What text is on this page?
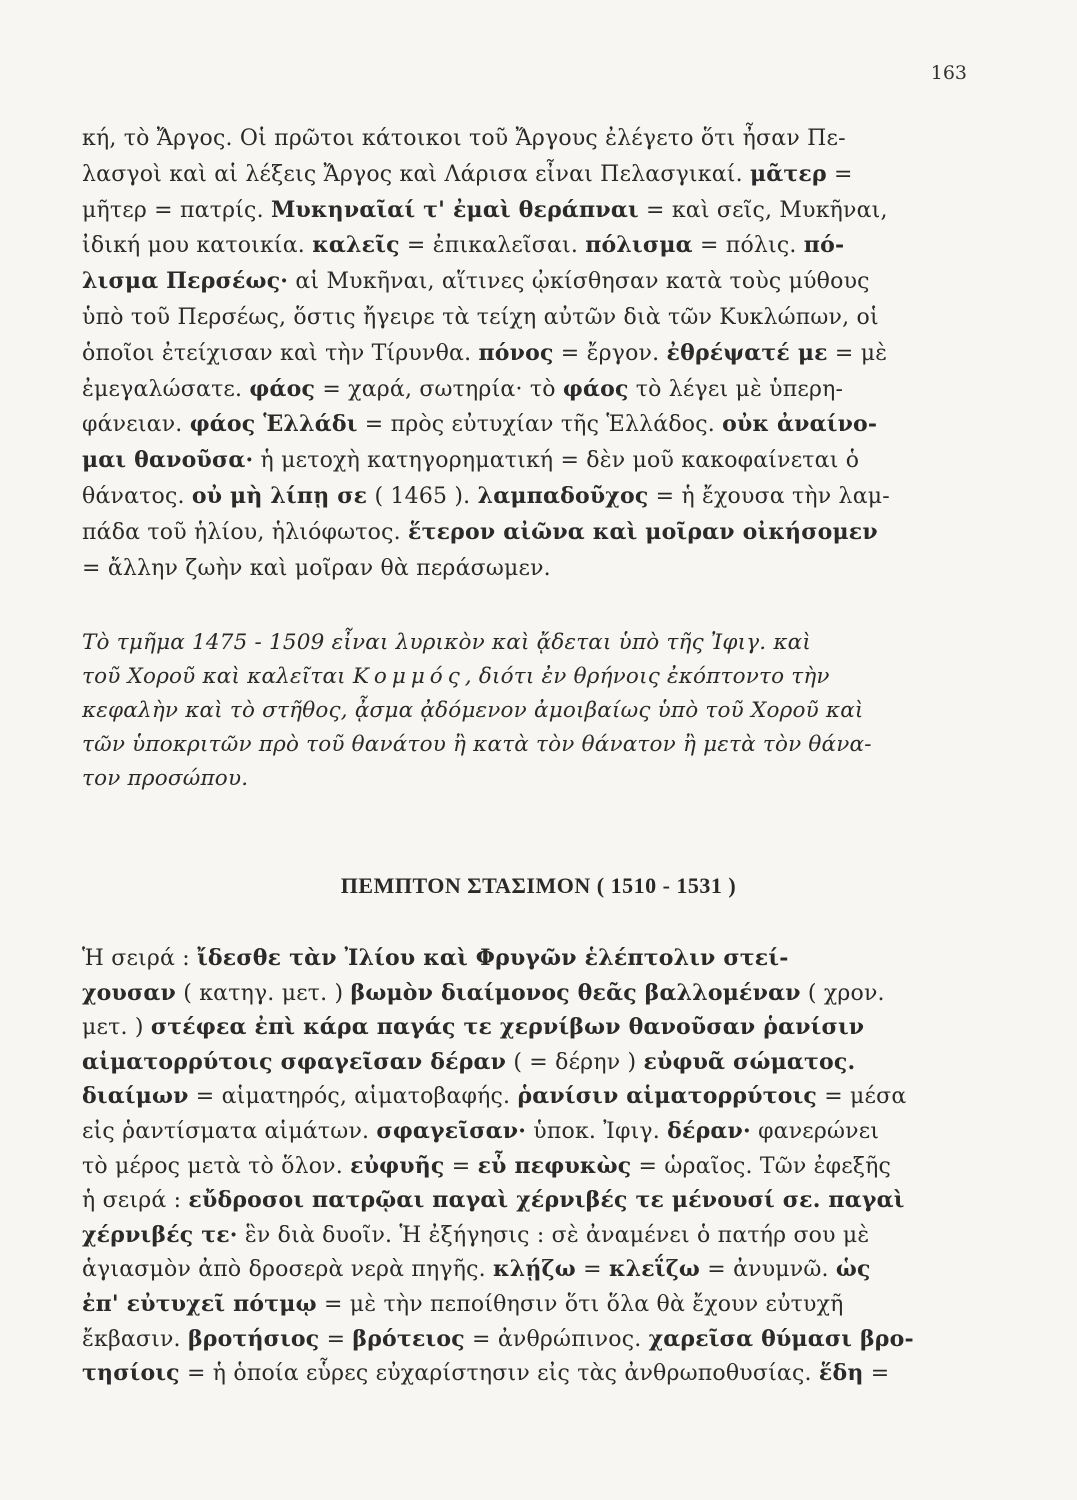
163
κή, τὸ Ἄργος. Οἱ πρῶτοι κάτοικοι τοῦ Ἄργους ἐλέγετο ὅτι ἦσαν Πε-
λασγοὶ καὶ αἱ λέξεις Ἄργος καὶ Λάρισα εἶναι Πελασγικαί. μᾶτερ =
μῆτερ = πατρίς. Μυκηναῖαί τ' ἐμαὶ θεράπναι = καὶ σεῖς, Μυκῆναι,
ἰδική μου κατοικία. καλεῖς = ἐπικαλεῖσαι. πόλισμα = πόλις. πό-
λισμα Περσέως· αἱ Μυκῆναι, αἵτινες ᾠκίσθησαν κατὰ τοὺς μύθους
ὑπὸ τοῦ Περσέως, ὅστις ἤγειρε τὰ τείχη αὐτῶν διὰ τῶν Κυκλώπων, οἱ
ὁποῖοι ἐτείχισαν καὶ τὴν Τίρυνθα. πόνος = ἔργον. ἐθρέψατέ με = μὲ
ἐμεγαλώσατε. φάος = χαρά, σωτηρία· τὸ φάος τὸ λέγει μὲ ὑπερη-
φάνειαν. φάος Ἑλλάδι = πρὸς εὐτυχίαν τῆς Ἑλλάδος. οὐκ ἀναίνο-
μαι θανοῦσα· ἡ μετοχὴ κατηγορηματική = δὲν μοῦ κακοφαίνεται ὁ
θάνατος. οὐ μὴ λίπῃ σε ( 1465 ). λαμπαδοῦχος = ἡ ἔχουσα τὴν λαμ-
πάδα τοῦ ἡλίου, ἡλιόφωτος. ἕτερον αἰῶνα καὶ μοῖραν οἰκήσομεν
= ἄλλην ζωὴν καὶ μοῖραν θὰ περάσωμεν.
Τὸ τμῆμα 1475 - 1509 εἶναι λυρικὸν καὶ ᾄδεται ὑπὸ τῆς Ἰφιγ. καὶ
τοῦ Χοροῦ καὶ καλεῖται Κομμός, διότι ἐν θρήνοις ἐκόπτοντο τὴν
κεφαλὴν καὶ τὸ στῆθος, ᾆσμα ᾀδόμενον ἀμοιβαίως ὑπὸ τοῦ Χοροῦ καὶ
τῶν ὑποκριτῶν πρὸ τοῦ θανάτου ἢ κατὰ τὸν θάνατον ἢ μετὰ τὸν θάνα-
τον προσώπου.
ΠΕΜΠΤΟΝ ΣΤΑΣΙΜΟΝ ( 1510 - 1531 )
Ἡ σειρά : ἴδεσθε τὰν Ἰλίου καὶ Φρυγῶν ἑλέπτολιν στεί-
χουσαν ( κατηγ. μετ. ) βωμὸν διαίμονος θεᾶς βαλλομέναν ( χρον.
μετ. ) στέφεα ἐπὶ κάρα παγάς τε χερνίβων θανοῦσαν ῥανίσιν
αἱματορρύτοις σφαγεῖσαν δέραν ( = δέρην ) εὐφυᾶ σώματος.
διαίμων = αἱματηρός, αἱματοβαφής. ῥανίσιν αἱματορρύτοις = μέσα
εἰς ῥαντίσματα αἱμάτων. σφαγεῖσαν· ὑποκ. Ἰφιγ. δέραν· φανερώνει
τὸ μέρος μετὰ τὸ ὅλον. εὐφυῆς = εὖ πεφυκὼς = ὡραῖος. Τῶν ἐφεξῆς
ἡ σειρά : εὔδροσοι πατρῷαι παγαὶ χέρνιβές τε μένουσί σε. παγαὶ
χέρνιβές τε· ἓν διὰ δυοῖν. Ἡ ἐξήγησις : σὲ ἀναμένει ὁ πατήρ σου μὲ
ἁγιασμὸν ἀπὸ δροσερὰ νερὰ πηγῆς. κλῄζω = κλεΐζω = ἀνυμνῶ. ὡς
ἐπ' εὐτυχεῖ πότμῳ = μὲ τὴν πεποίθησιν ὅτι ὅλα θὰ ἔχουν εὐτυχῆ
ἔκβασιν. βροτήσιος = βρότειος = ἀνθρώπινος. χαρεῖσα θύμασι βρο-
τησίοις = ἡ ὁποία εὗρες εὐχαρίστησιν εἰς τὰς ἀνθρωποθυσίας. ἕδη =
